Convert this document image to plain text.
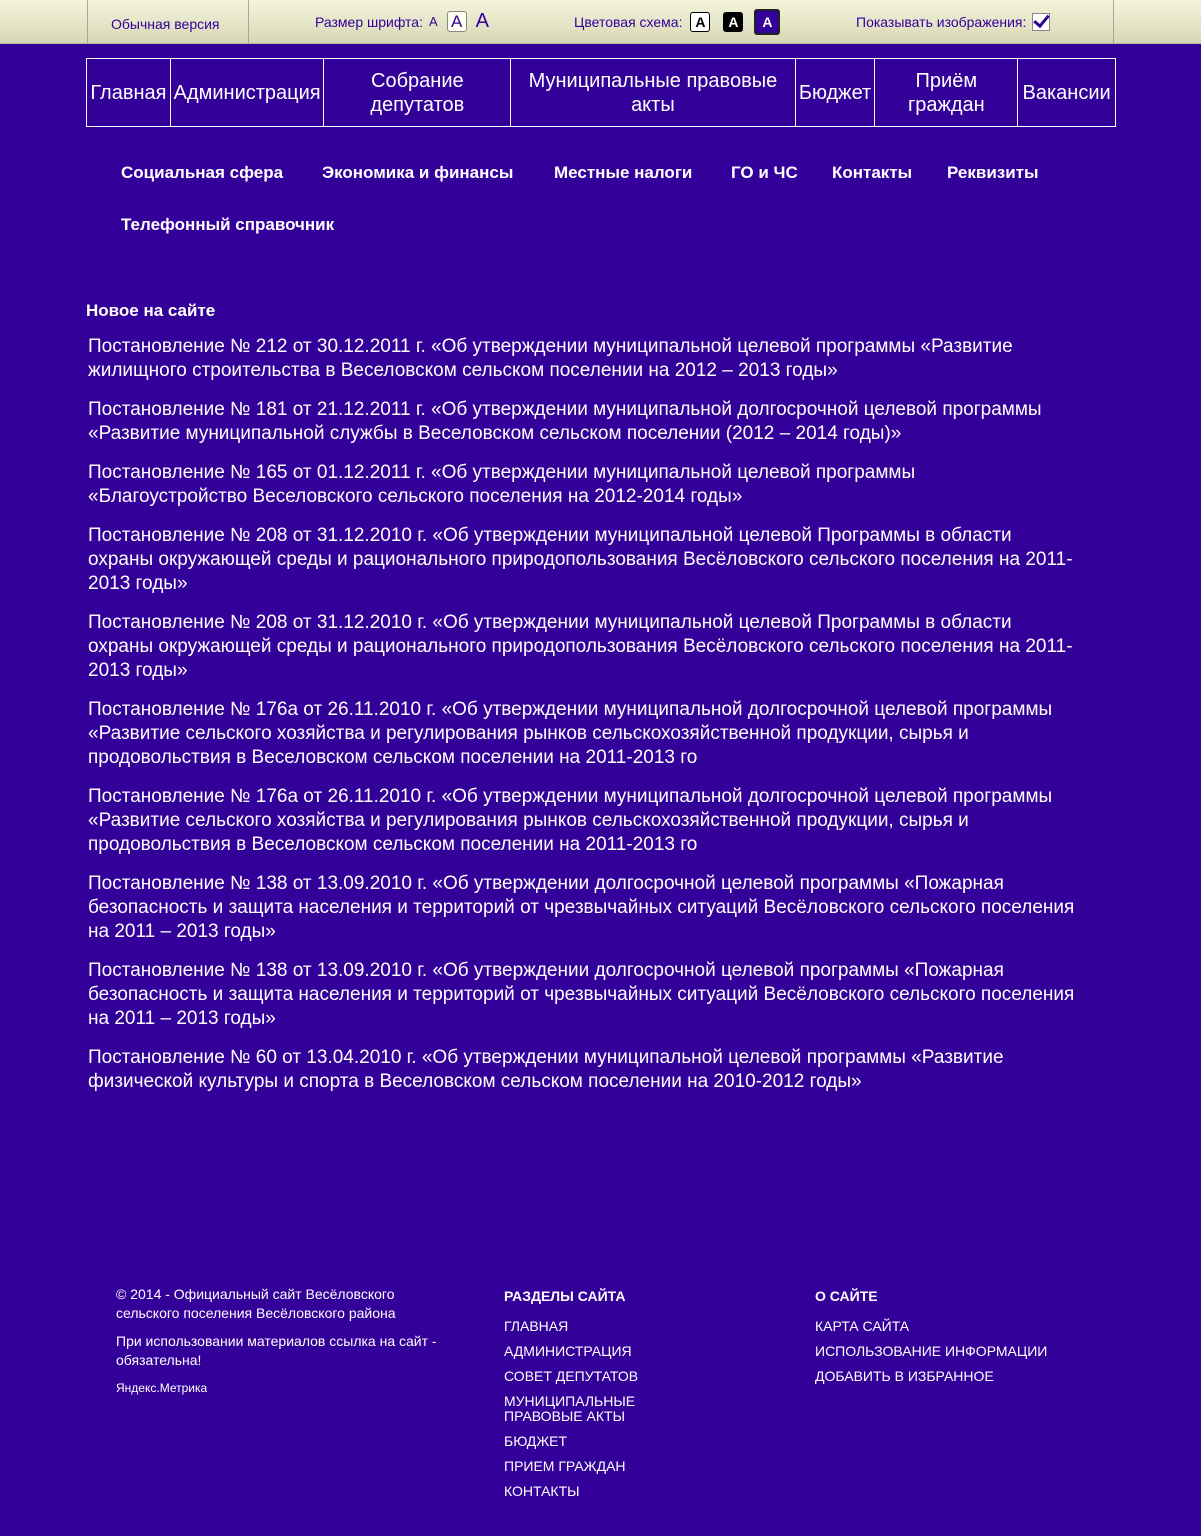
Обычная версия	Размер шрифта: A A A	Цветовая схема: A	A	A	Показывать изображения:
Главная Администрация
Собрание депутатов
Муниципальные правовые акты
Бюджет
Приём граждан
Вакансии
Социальная сфера Экономика и финансы Местные налоги ГО и ЧС Контакты Реквизиты
Телефонный справочник
Новое на сайте
Постановление № 212 от 30.12.2011 г. «Об утверждении муниципальной целевой программы «Развитие жилищного строительства в Веселовском сельском поселении на 2012 – 2013 годы»
Постановление № 181 от 21.12.2011 г. «Об утверждении муниципальной долгосрочной целевой программы «Развитие муниципальной службы в Веселовском сельском поселении (2012 – 2014 годы)»
Постановление № 165 от 01.12.2011 г. «Об утверждении муниципальной целевой программы «Благоустройство Веселовского сельского поселения на 2012-2014 годы»
Постановление № 208 от 31.12.2010 г. «Об утверждении муниципальной целевой Программы в области охраны окружающей среды и рационального природопользования Весёловского сельского поселения на 2011-2013 годы»
Постановление № 208 от 31.12.2010 г. «Об утверждении муниципальной целевой Программы в области охраны окружающей среды и рационального природопользования Весёловского сельского поселения на 2011-2013 годы»
Постановление № 176а от 26.11.2010 г. «Об утверждении муниципальной долгосрочной целевой программы «Развитие сельского хозяйства и регулирования рынков сельскохозяйственной продукции, сырья и продовольствия в Веселовском сельском поселении на 2011-2013 го
Постановление № 176а от 26.11.2010 г. «Об утверждении муниципальной долгосрочной целевой программы «Развитие сельского хозяйства и регулирования рынков сельскохозяйственной продукции, сырья и продовольствия в Веселовском сельском поселении на 2011-2013 го
Постановление № 138 от 13.09.2010 г. «Об утверждении долгосрочной целевой программы «Пожарная безопасность и защита населения и территорий от чрезвычайных ситуаций Весёловского сельского поселения на 2011 – 2013 годы»
Постановление № 138 от 13.09.2010 г. «Об утверждении долгосрочной целевой программы «Пожарная безопасность и защита населения и территорий от чрезвычайных ситуаций Весёловского сельского поселения на 2011 – 2013 годы»
Постановление № 60 от 13.04.2010 г. «Об утверждении муниципальной целевой программы «Развитие физической культуры и спорта в Веселовском сельском поселении на 2010-2012 годы»
© 2014 - Официальный сайт Весёловского сельского поселения Весёловского района
При использовании материалов ссылка на сайт - обязательна!
Яндекс.Метрика
РАЗДЕЛЫ САЙТА
ГЛАВНАЯ
АДМИНИСТРАЦИЯ
СОВЕТ ДЕПУТАТОВ
МУНИЦИПАЛЬНЫЕ ПРАВОВЫЕ АКТЫ
БЮДЖЕТ
ПРИЕМ ГРАЖДАН
КОНТАКТЫ
О САЙТЕ
КАРТА САЙТА
ИСПОЛЬЗОВАНИЕ ИНФОРМАЦИИ
ДОБАВИТЬ В ИЗБРАННОЕ
